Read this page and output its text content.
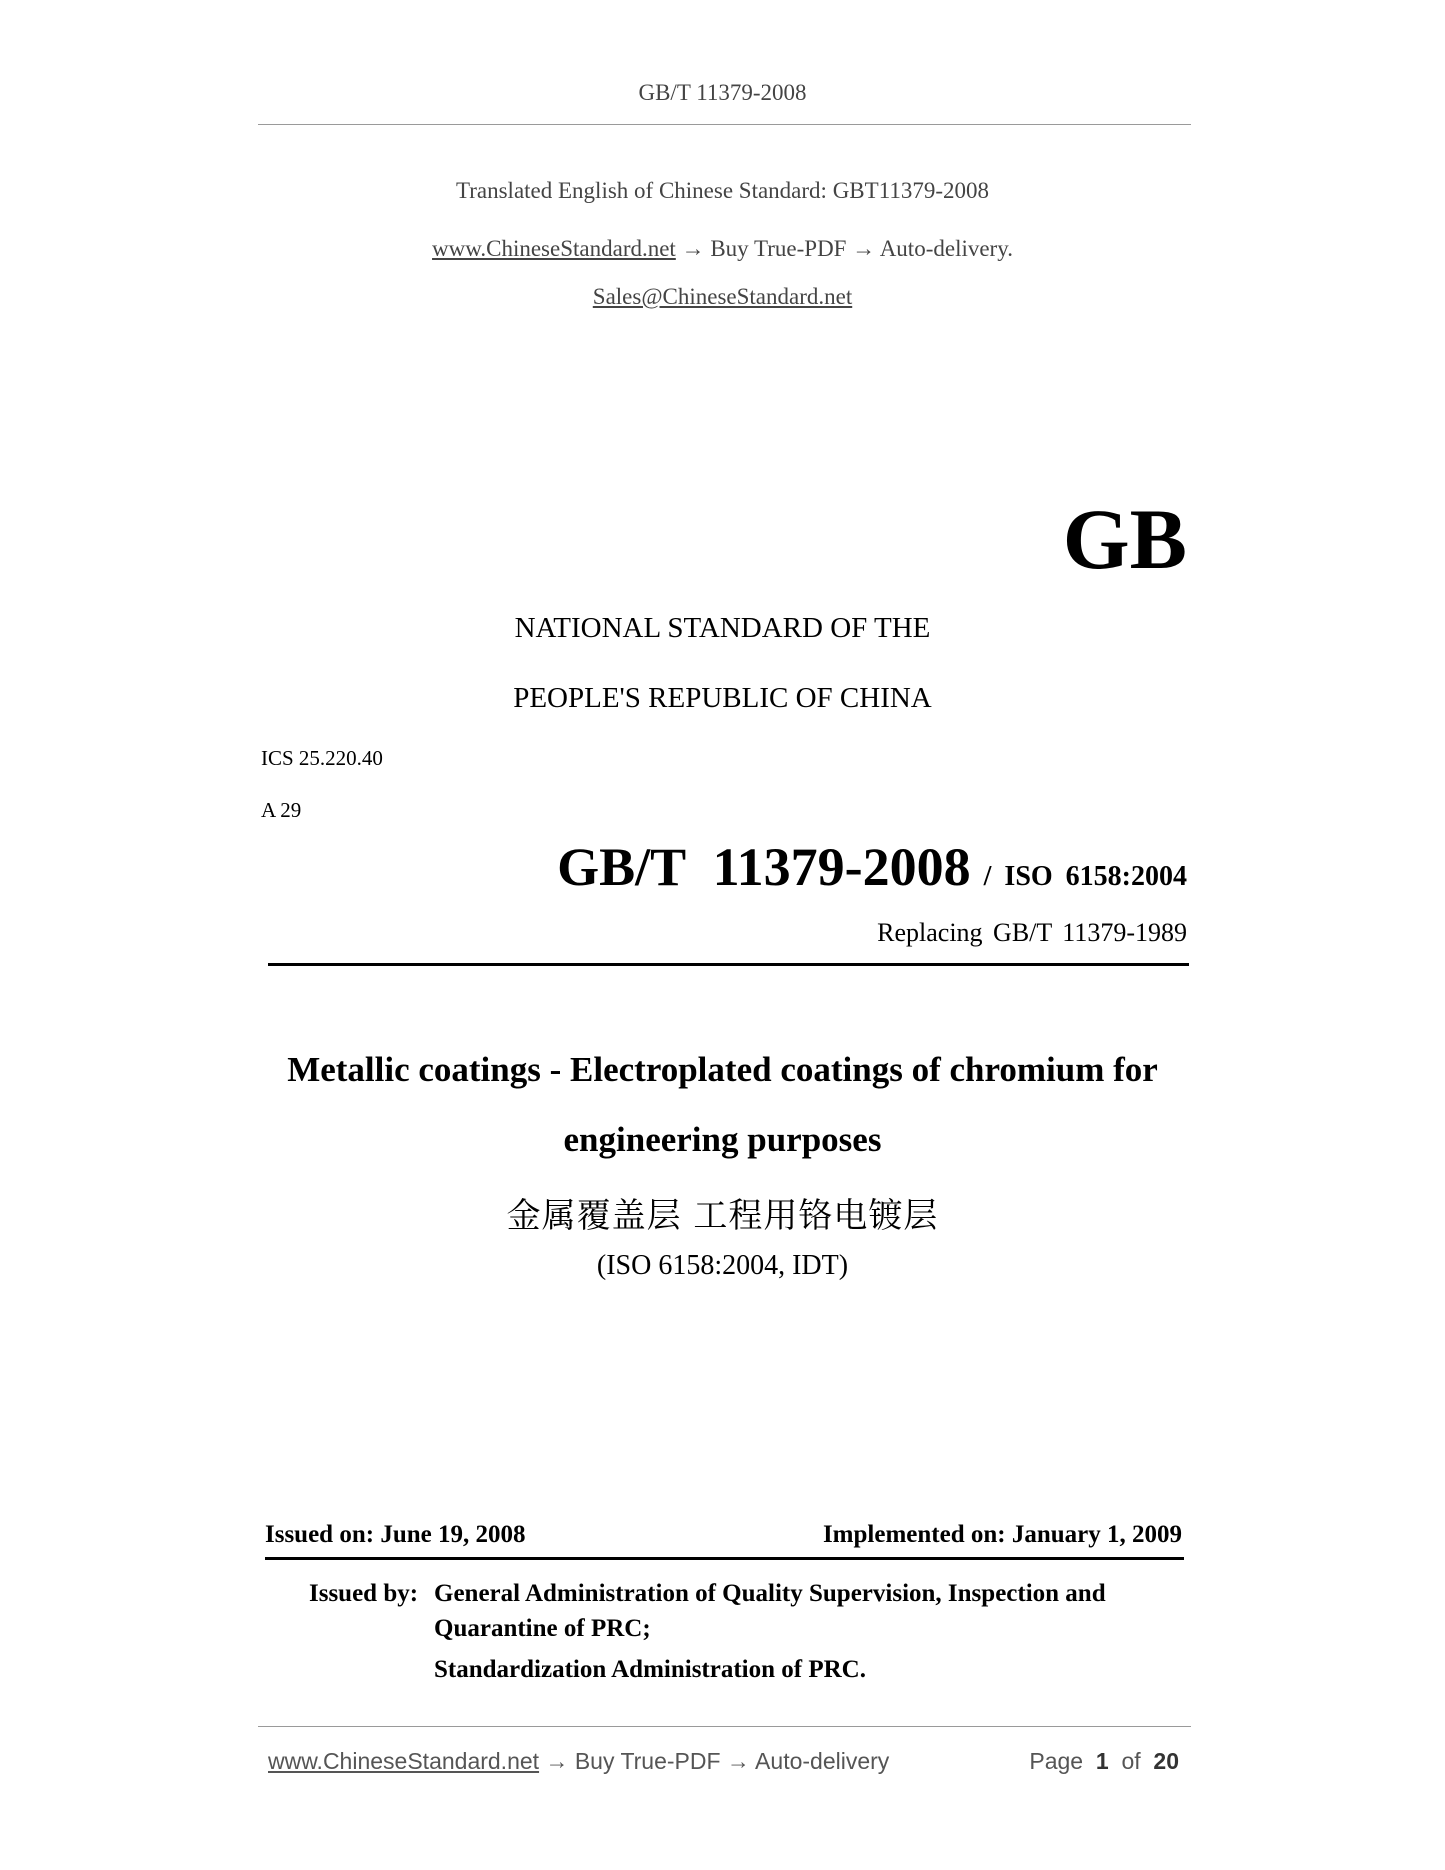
GB/T 11379-2008
Translated English of Chinese Standard: GBT11379-2008
www.ChineseStandard.net → Buy True-PDF → Auto-delivery.
Sales@ChineseStandard.net
GB
NATIONAL STANDARD OF THE
PEOPLE'S REPUBLIC OF CHINA
ICS 25.220.40
A 29
GB/T 11379-2008 / ISO 6158:2004
Replacing GB/T 11379-1989
Metallic coatings - Electroplated coatings of chromium for
engineering purposes
金属覆盖层 工程用铬电镀层
(ISO 6158:2004, IDT)
Issued on: June 19, 2008	Implemented on: January 1, 2009
Issued by: General Administration of Quality Supervision, Inspection and
Quarantine of PRC;
Standardization Administration of PRC.
www.ChineseStandard.net → Buy True-PDF → Auto-delivery	Page 1 of 20
